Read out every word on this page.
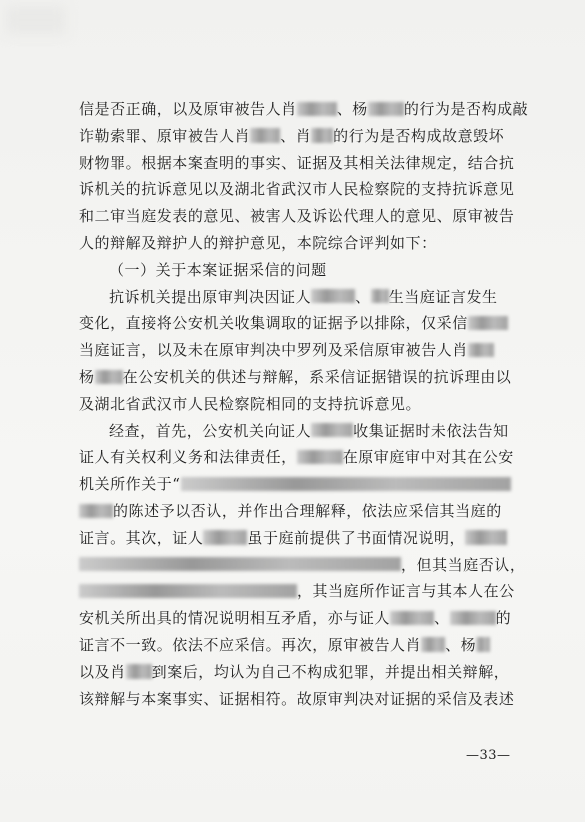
信是否正确，以及原审被告人肖	、杨 的行为是否构成敲
诈勒索罪、原审被告人肖 、肖 的行为是否构成故意毁坏
财物罪。根据本案查明的事实、证据及其相关法律规定，结合抗
诉机关的抗诉意见以及湖北省武汉市人民检察院的支持抗诉意见
和二审当庭发表的意见、被害人及诉讼代理人的意见、原审被告
人的辩解及辩护人的辩护意见，本院综合评判如下：
（一）关于本案证据采信的问题
抗诉机关提出原审判决因证人	、 生当庭证言发生
变化，直接将公安机关收集调取的证据予以排除，仅采信
当庭证言，以及未在原审判决中罗列及采信原审被告人肖
杨 在公安机关的供述与辩解，系采信证据错误的抗诉理由以
及湖北省武汉市人民检察院相同的支持抗诉意见。
经查，首先，公安机关向证人	收集证据时未依法告知
证人有关权利义务和法律责任，	在原审庭审中对其在公安
机关所作关于“
的陈述予以否认，并作出合理解释，依法应采信其当庭的
证言。其次，证人	虽于庭前提供了书面情况说明，
，但其当庭否认，
，其当庭所作证言与其本人在公
安机关所出具的情况说明相互矛盾，亦与证人	、	的
证言不一致。依法不应采信。再次，原审被告人肖 、杨
以及肖 到案后，均认为自己不构成犯罪，并提出相关辩解，
该辩解与本案事实、证据相符。故原审判决对证据的采信及表述
—33—
